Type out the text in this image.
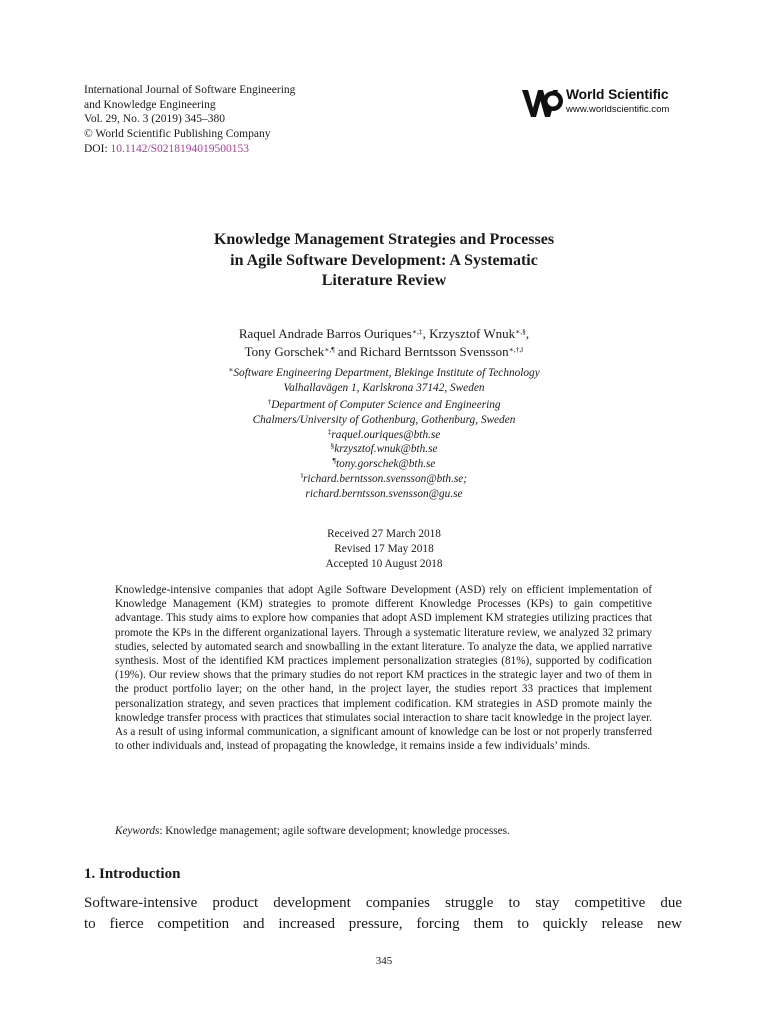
International Journal of Software Engineering
and Knowledge Engineering
Vol. 29, No. 3 (2019) 345–380
© World Scientific Publishing Company
DOI: 10.1142/S0218194019500153
World Scientific
www.worldscientific.com
Knowledge Management Strategies and Processes
in Agile Software Development: A Systematic
Literature Review
Raquel Andrade Barros Ouriques∗,‡, Krzysztof Wnuk∗,§,
Tony Gorschek∗,¶ and Richard Berntsson Svensson∗,†,‖
∗Software Engineering Department, Blekinge Institute of Technology
Valhallavägen 1, Karlskrona 37142, Sweden
†Department of Computer Science and Engineering
Chalmers/University of Gothenburg, Gothenburg, Sweden
‡raquel.ouriques@bth.se
§krzysztof.wnuk@bth.se
¶tony.gorschek@bth.se
‖richard.berntsson.svensson@bth.se;
richard.berntsson.svensson@gu.se
Received 27 March 2018
Revised 17 May 2018
Accepted 10 August 2018
Knowledge-intensive companies that adopt Agile Software Development (ASD) rely on efficient implementation of Knowledge Management (KM) strategies to promote different Knowledge Processes (KPs) to gain competitive advantage. This study aims to explore how companies that adopt ASD implement KM strategies utilizing practices that promote the KPs in the different organizational layers. Through a systematic literature review, we analyzed 32 primary studies, selected by automated search and snowballing in the extant literature. To analyze the data, we applied narrative synthesis. Most of the identified KM practices implement personalization strategies (81%), supported by codification (19%). Our review shows that the primary studies do not report KM practices in the strategic layer and two of them in the product portfolio layer; on the other hand, in the project layer, the studies report 33 practices that implement personalization strategy, and seven practices that implement codification. KM strategies in ASD promote mainly the knowledge transfer process with practices that stimulates social interaction to share tacit knowledge in the project layer. As a result of using informal communication, a significant amount of knowledge can be lost or not properly transferred to other individuals and, instead of propagating the knowledge, it remains inside a few individuals’ minds.
Keywords: Knowledge management; agile software development; knowledge processes.
1. Introduction
Software-intensive product development companies struggle to stay competitive due
to fierce competition and increased pressure, forcing them to quickly release new
345
